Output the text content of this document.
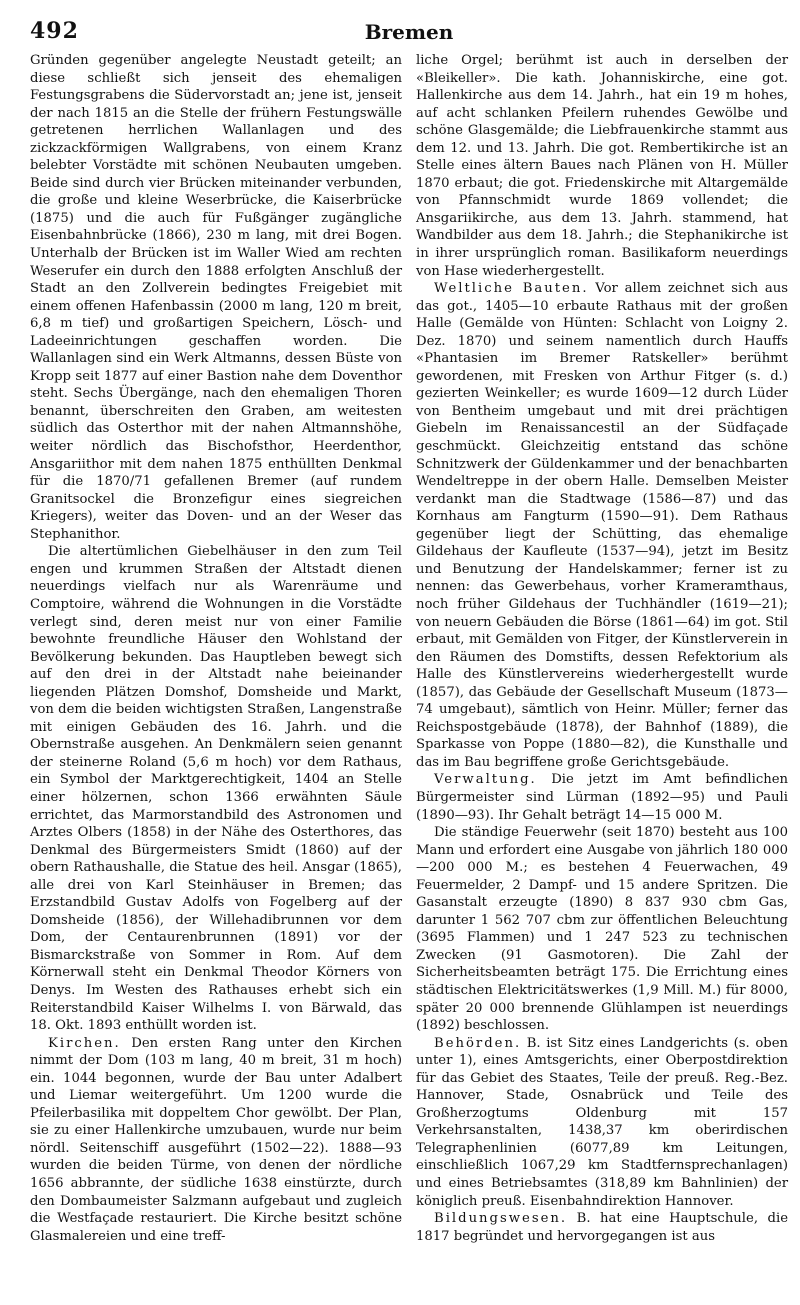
492	Bremen

Gründen gegenüber angelegte Neustadt geteilt; an diese schließt sich jenseit des ehemaligen Festungsgrabens die Südervorstadt an; jene ist, jenseit der nach 1815 an die Stelle der frühern Festungswälle getretenen herrlichen Wallanlagen und des zickzackförmigen Wallgrabens, von einem Kranz belebter Vorstädte mit schönen Neubauten umgeben. Beide sind durch vier Brücken miteinander verbunden, die große und kleine Weserbrücke, die Kaiserbrücke (1875) und die auch für Fußgänger zugängliche Eisenbahnbrücke (1866), 230 m lang, mit drei Bogen. Unterhalb der Brücken ist im Waller Wied am rechten Weserufer ein durch den 1888 erfolgten Anschluß der Stadt an den Zollverein bedingtes Freigebiet mit einem offenen Hafenbassin (2000 m lang, 120 m breit, 6,8 m tief) und großartigen Speichern, Lösch- und Ladeeinrichtungen geschaffen worden. Die Wallanlagen sind ein Werk Altmanns, dessen Büste von Kropp seit 1877 auf einer Bastion nahe dem Doventhor steht. Sechs Übergänge, nach den ehemaligen Thoren benannt, überschreiten den Graben, am weitesten südlich das Osterthor mit der nahen Altmannshöhe, weiter nördlich das Bischofsthor, Heerdenthor, Ansgariithor mit dem nahen 1875 enthüllten Denkmal für die 1870/71 gefallenen Bremer (auf rundem Granitsockel die Bronzefigur eines siegreichen Kriegers), weiter das Doven- und an der Weser das Stephanithor.

Die altertümlichen Giebelhäuser in den zum Teil engen und krummen Straßen der Altstadt dienen neuerdings vielfach nur als Warenräume und Comptoire, während die Wohnungen in die Vorstädte verlegt sind, deren meist nur von einer Familie bewohnte freundliche Häuser den Wohlstand der Bevölkerung bekunden. Das Hauptleben bewegt sich auf den drei in der Altstadt nahe beieinander liegenden Plätzen Domshof, Domsheide und Markt, von dem die beiden wichtigsten Straßen, Langenstraße mit einigen Gebäuden des 16. Jahrh. und die Obernstraße ausgehen. An Denkmälern seien genannt der steinerne Roland (5,6 m hoch) vor dem Rathaus, ein Symbol der Marktgerechtigkeit, 1404 an Stelle einer hölzernen, schon 1366 erwähnten Säule errichtet, das Marmorstandbild des Astronomen und Arztes Olbers (1858) in der Nähe des Osterthores, das Denkmal des Bürgermeisters Smidt (1860) auf der obern Rathaushalle, die Statue des heil. Ansgar (1865), alle drei von Karl Steinhäuser in Bremen; das Erzstandbild Gustav Adolfs von Fogelberg auf der Domsheide (1856), der Willehadibrunnen vor dem Dom, der Centaurenbrunnen (1891) vor der Bismarckstraße von Sommer in Rom. Auf dem Körnerwall steht ein Denkmal Theodor Körners von Denys. Im Westen des Rathauses erhebt sich ein Reiterstandbild Kaiser Wilhelms I. von Bärwald, das 18. Okt. 1893 enthüllt worden ist.

Kirchen. Den ersten Rang unter den Kirchen nimmt der Dom (103 m lang, 40 m breit, 31 m hoch) ein. 1044 begonnen, wurde der Bau unter Adalbert und Liemar weitergeführt. Um 1200 wurde die Pfeilerbasilika mit doppeltem Chor gewölbt. Der Plan, sie zu einer Hallenkirche umzubauen, wurde nur beim nördl. Seitenschiff ausgeführt (1502—22). 1888—93 wurden die beiden Türme, von denen der nördliche 1656 abbrannte, der südliche 1638 einstürzte, durch den Dombaumeister Salzmann aufgebaut und zugleich die Westfaçade restauriert. Die Kirche besitzt schöne Glasmalereien und eine treff-

liche Orgel; berühmt ist auch in derselben der «Bleikeller». Die kath. Johanniskirche, eine got. Hallenkirche aus dem 14. Jahrh., hat ein 19 m hohes, auf acht schlanken Pfeilern ruhendes Gewölbe und schöne Glasgemälde; die Liebfrauenkirche stammt aus dem 12. und 13. Jahrh. Die got. Rembertikirche ist an Stelle eines ältern Baues nach Plänen von H. Müller 1870 erbaut; die got. Friedenskirche mit Altargemälde von Pfannschmidt wurde 1869 vollendet; die Ansgariikirche, aus dem 13. Jahrh. stammend, hat Wandbilder aus dem 18. Jahrh.; die Stephanikirche ist in ihrer ursprünglich roman. Basilikaform neuerdings von Hase wiederhergestellt.

Weltliche Bauten. Vor allem zeichnet sich aus das got., 1405—10 erbaute Rathaus mit der großen Halle (Gemälde von Hünten: Schlacht von Loigny 2. Dez. 1870) und seinem namentlich durch Hauffs «Phantasien im Bremer Ratskeller» berühmt gewordenen, mit Fresken von Arthur Fitger (s. d.) gezierten Weinkeller; es wurde 1609—12 durch Lüder von Bentheim umgebaut und mit drei prächtigen Giebeln im Renaissancestil an der Südfaçade geschmückt. Gleichzeitig entstand das schöne Schnitzwerk der Güldenkammer und der benachbarten Wendeltreppe in der obern Halle. Demselben Meister verdankt man die Stadtwage (1586—87) und das Kornhaus am Fangturm (1590—91). Dem Rathaus gegenüber liegt der Schütting, das ehemalige Gildehaus der Kaufleute (1537—94), jetzt im Besitz und Benutzung der Handelskammer; ferner ist zu nennen: das Gewerbehaus, vorher Krameramthaus, noch früher Gildehaus der Tuchhändler (1619—21); von neuern Gebäuden die Börse (1861—64) im got. Stil erbaut, mit Gemälden von Fitger, der Künstlerverein in den Räumen des Domstifts, dessen Refektorium als Halle des Künstlervereins wiederhergestellt wurde (1857), das Gebäude der Gesellschaft Museum (1873—74 umgebaut), sämtlich von Heinr. Müller; ferner das Reichspostgebäude (1878), der Bahnhof (1889), die Sparkasse von Poppe (1880—82), die Kunsthalle und das im Bau begriffene große Gerichtsgebäude.

Verwaltung. Die jetzt im Amt befindlichen Bürgermeister sind Lürman (1892—95) und Pauli (1890—93). Ihr Gehalt beträgt 14—15 000 M.

Die ständige Feuerwehr (seit 1870) besteht aus 100 Mann und erfordert eine Ausgabe von jährlich 180 000—200 000 M.; es bestehen 4 Feuerwachen, 49 Feuermelder, 2 Dampf- und 15 andere Spritzen. Die Gasanstalt erzeugte (1890) 8 837 930 cbm Gas, darunter 1 562 707 cbm zur öffentlichen Beleuchtung (3695 Flammen) und 1 247 523 zu technischen Zwecken (91 Gasmotoren). Die Zahl der Sicherheitsbeamten beträgt 175. Die Errichtung eines städtischen Elektricitätswerkes (1,9 Mill. M.) für 8000, später 20 000 brennende Glühlampen ist neuerdings (1892) beschlossen.

Behörden. B. ist Sitz eines Landgerichts (s. oben unter 1), eines Amtsgerichts, einer Oberpostdirektion für das Gebiet des Staates, Teile der preuß. Reg.-Bez. Hannover, Stade, Osnabrück und Teile des Großherzogtums Oldenburg mit 157 Verkehrsanstalten, 1438,37 km oberirdischen Telegraphenlinien (6077,89 km Leitungen, einschließlich 1067,29 km Stadtfernsprechanlagen) und eines Betriebsamtes (318,89 km Bahnlinien) der königlich preuß. Eisenbahndirektion Hannover.

Bildungswesen. B. hat eine Hauptschule, die 1817 begründet und hervorgegangen ist aus
